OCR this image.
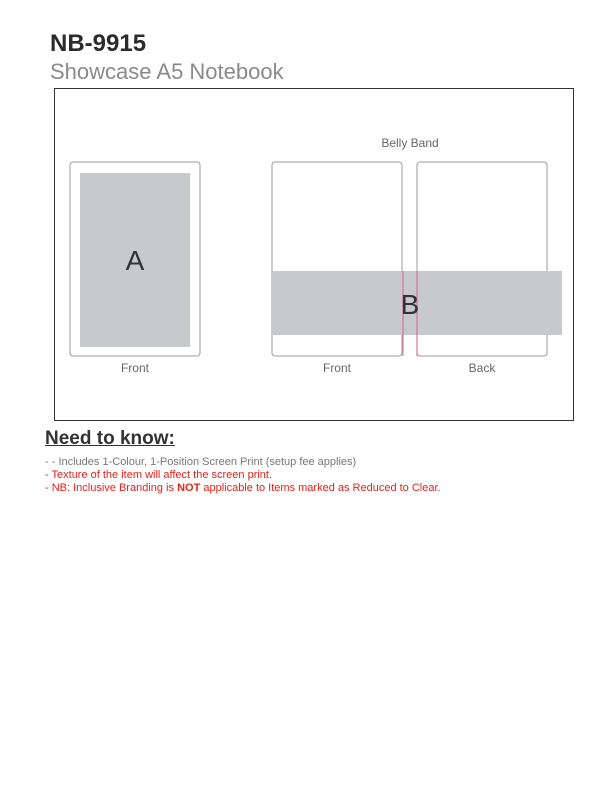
NB-9915
Showcase A5 Notebook
A
Front
Belly Band
B
Front	Back
Need to know:
- - Includes 1-Colour, 1-Position Screen Print (setup fee applies)
- Texture of the item will affect the screen print.
- NB: Inclusive Branding is NOT applicable to Items marked as Reduced to Clear.
